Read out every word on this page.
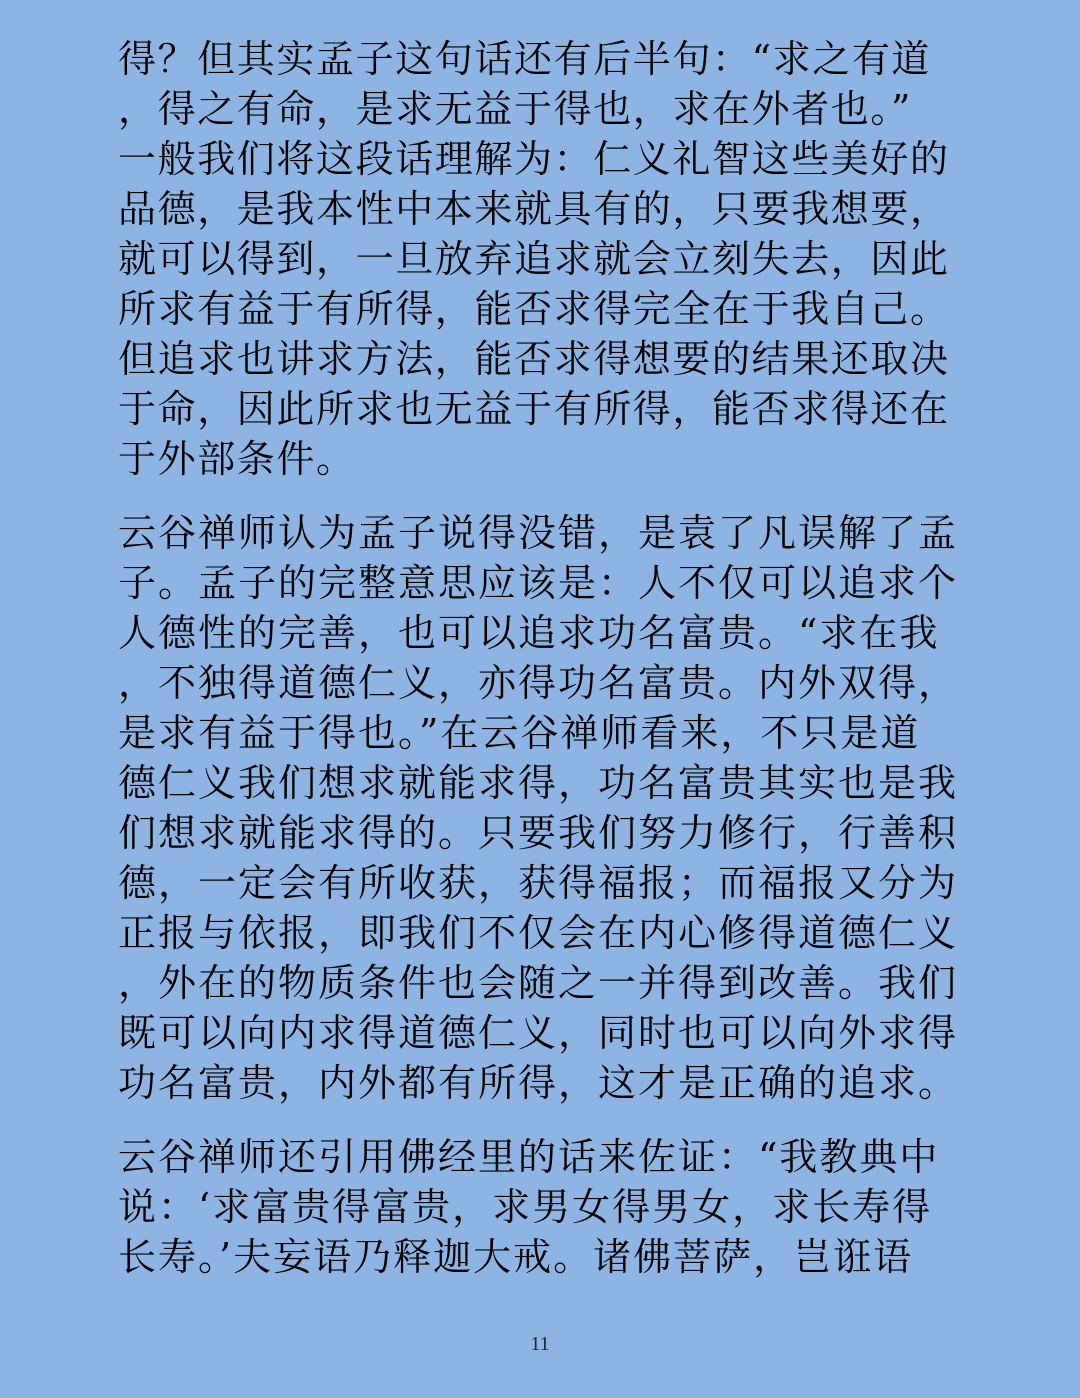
得？但其实孟子这句话还有后半句：“求之有道
，得之有命，是求无益于得也，求在外者也。”
一般我们将这段话理解为：仁义礼智这些美好的
品德，是我本性中本来就具有的，只要我想要，
就可以得到，一旦放弃追求就会立刻失去，因此
所求有益于有所得，能否求得完全在于我自己。
但追求也讲求方法，能否求得想要的结果还取决
于命，因此所求也无益于有所得，能否求得还在
于外部条件。

云谷禅师认为孟子说得没错，是袁了凡误解了孟
子。孟子的完整意思应该是：人不仅可以追求个
人德性的完善，也可以追求功名富贵。“求在我
，不独得道德仁义，亦得功名富贵。内外双得，
是求有益于得也。”在云谷禅师看来，不只是道
德仁义我们想求就能求得，功名富贵其实也是我
们想求就能求得的。只要我们努力修行，行善积
德，一定会有所收获，获得福报；而福报又分为
正报与依报，即我们不仅会在内心修得道德仁义
，外在的物质条件也会随之一并得到改善。我们
既可以向内求得道德仁义，同时也可以向外求得
功名富贵，内外都有所得，这才是正确的追求。

云谷禅师还引用佛经里的话来佐证：“我教典中
说：‘求富贵得富贵，求男女得男女，求长寿得
长寿。’夫妄语乃释迦大戒。诸佛菩萨，岂诳语

11
